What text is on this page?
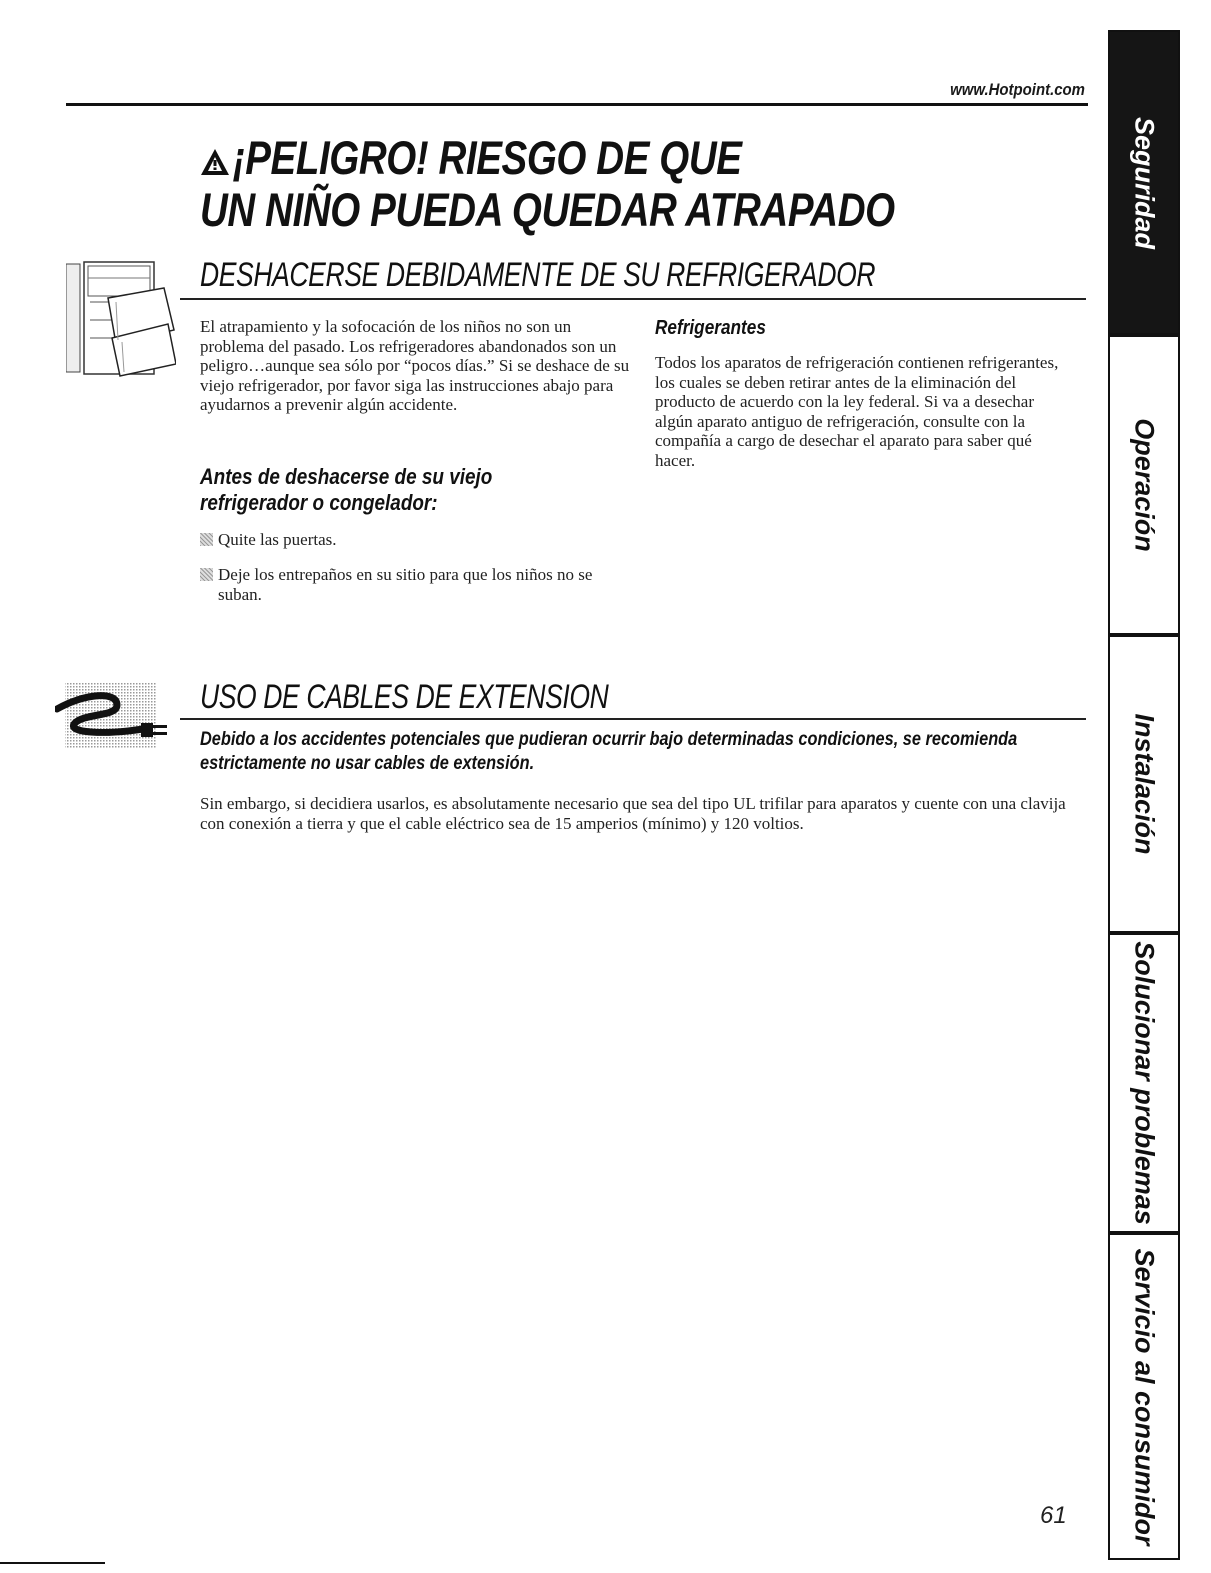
www.Hotpoint.com
¡PELIGRO! RIESGO DE QUE
UN NIÑO PUEDA QUEDAR ATRAPADO
DESHACERSE DEBIDAMENTE DE SU REFRIGERADOR
El atrapamiento y la sofocación de los niños no son un problema del pasado. Los refrigeradores abandonados son un peligro…aunque sea sólo por “pocos días.” Si se deshace de su viejo refrigerador, por favor siga las instrucciones abajo para ayudarnos a prevenir algún accidente.
Antes de deshacerse de su viejo refrigerador o congelador:
Quite las puertas.
Deje los entrepaños en su sitio para que los niños no se suban.
Refrigerantes
Todos los aparatos de refrigeración contienen refrigerantes, los cuales se deben retirar antes de la eliminación del producto de acuerdo con la ley federal. Si va a desechar algún aparato antiguo de refrigeración, consulte con la compañía a cargo de desechar el aparato para saber qué hacer.
USO DE CABLES DE EXTENSION
Debido a los accidentes potenciales que pudieran ocurrir bajo determinadas condiciones, se recomienda estrictamente no usar cables de extensión.
Sin embargo, si decidiera usarlos, es absolutamente necesario que sea del tipo UL trifilar para aparatos y cuente con una clavija con conexión a tierra y que el cable eléctrico sea de 15 amperios (mínimo) y 120 voltios.
61
Seguridad
Operación
Instalación
Solucionar problemas
Servicio al consumidor
